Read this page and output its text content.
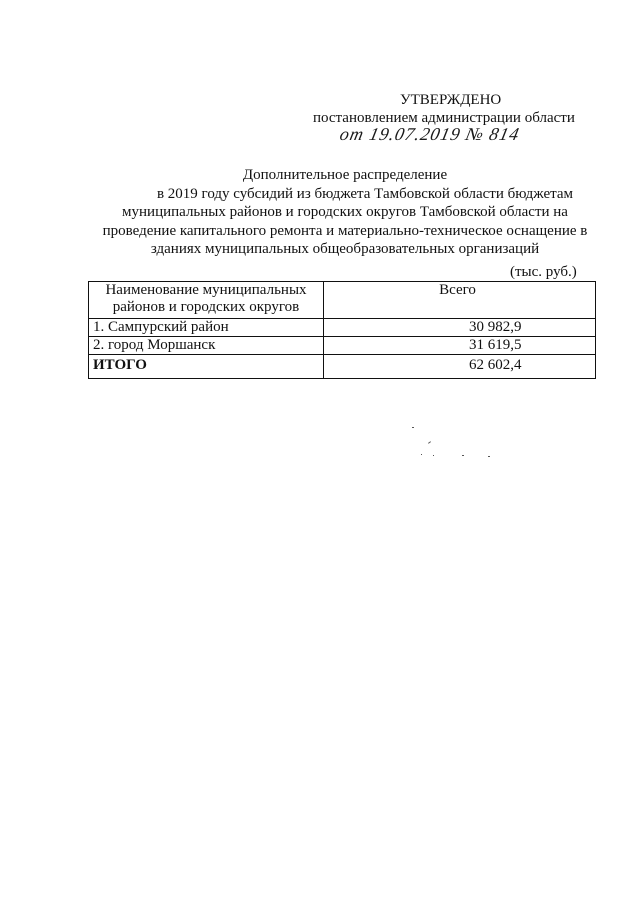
УТВЕРЖДЕНО
постановлением администрации области
от 19.07.2019 № 814
Дополнительное распределение
в 2019 году субсидий из бюджета Тамбовской области бюджетам
муниципальных районов и городских округов Тамбовской области на
проведение капитального ремонта и материально-техническое оснащение в
зданиях муниципальных общеобразовательных организаций
(тыс. руб.)
Наименование муниципальных районов и городских округов	Всего
1. Сампурский район	30 982,9
2. город Моршанск	31 619,5
ИТОГО	62 602,4
